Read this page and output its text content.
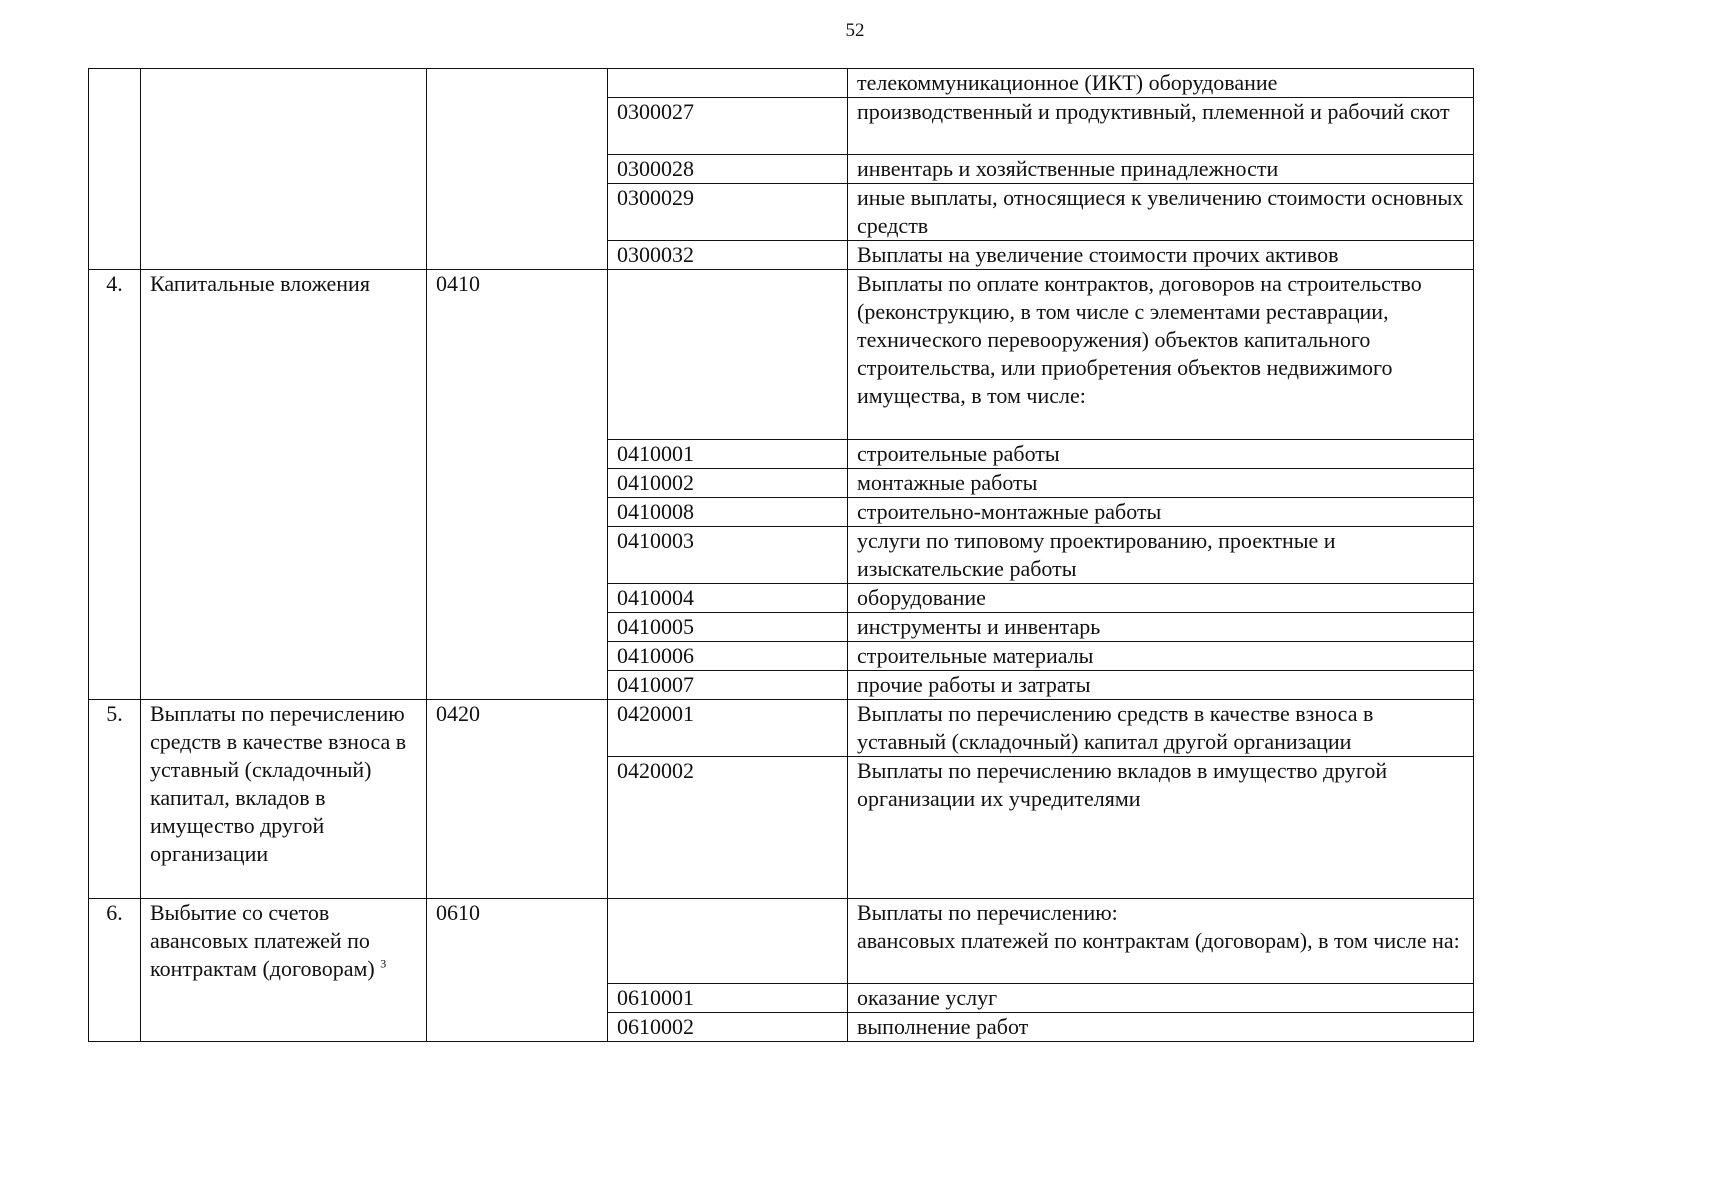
52
				телекоммуникационное (ИКТ) оборудование
			0300027	производственный и продуктивный, племенной и рабочий скот
			0300028	инвентарь и хозяйственные принадлежности
			0300029	иные выплаты, относящиеся к увеличению стоимости основных средств
			0300032	Выплаты на увеличение стоимости прочих активов
4.	Капитальные вложения	0410		Выплаты по оплате контрактов, договоров на строительство (реконструкцию, в том числе с элементами реставрации, технического перевооружения) объектов капитального строительства, или приобретения объектов недвижимого имущества, в том числе:
			0410001	строительные работы
			0410002	монтажные работы
			0410008	строительно-монтажные работы
			0410003	услуги по типовому проектированию, проектные и изыскательские работы
			0410004	оборудование
			0410005	инструменты и инвентарь
			0410006	строительные материалы
			0410007	прочие работы и затраты
5.	Выплаты по перечислению средств в качестве взноса в уставный (складочный) капитал, вкладов в имущество другой организации	0420	0420001	Выплаты по перечислению средств в качестве взноса в уставный (складочный) капитал другой организации
			0420002	Выплаты по перечислению вкладов в имущество другой организации их учредителями
6.	Выбытие со счетов авансовых платежей по контрактам (договорам) $^3$	0610		Выплаты по перечислению:
авансовых платежей по контрактам (договорам), в том числе на:

			0610001	оказание услуг
			0610002	выполнение работ
